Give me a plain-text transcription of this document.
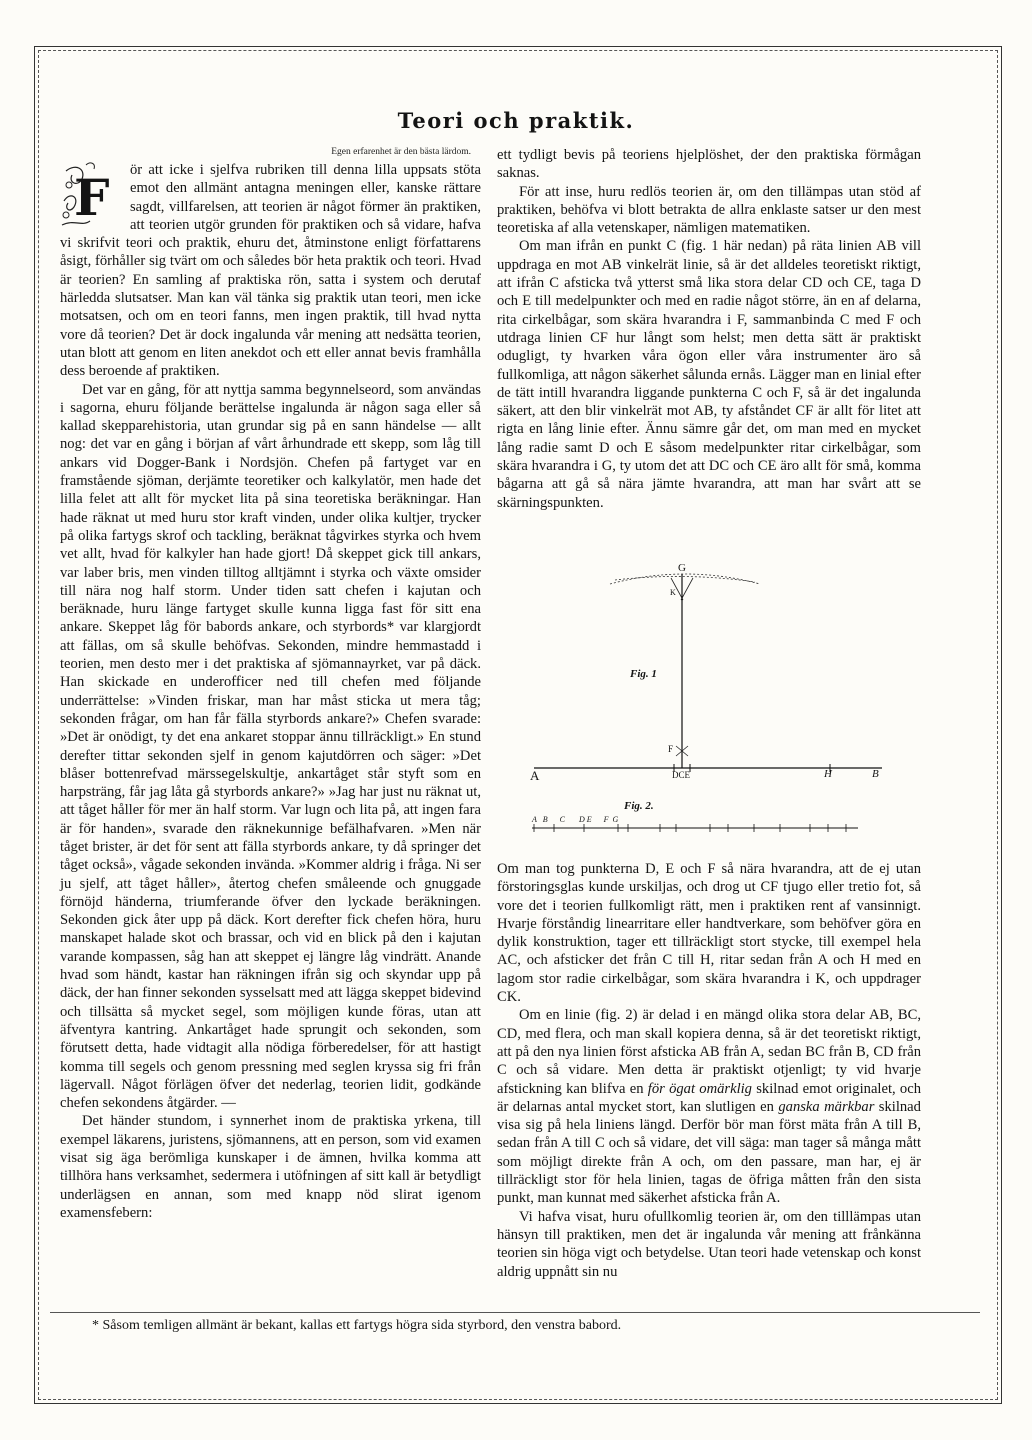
Teori och praktik.
Egen erfarenhet är den bästa lärdom.
F	ör att icke i sjelfva rubriken till denna lilla uppsats stöta emot den allmänt antagna meningen eller, kanske rättare sagdt, villfarelsen, att teorien är något förmer än praktiken, att teorien utgör grunden för praktiken och så vidare, hafva vi skrifvit teori och praktik, ehuru det, åtminstone enligt författarens åsigt, förhåller sig tvärt om och således bör heta praktik och teori. Hvad är teorien? En samling af praktiska rön, satta i system och derutaf härledda slutsatser. Man kan väl tänka sig praktik utan teori, men icke motsatsen, och om en teori fanns, men ingen praktik, till hvad nytta vore då teorien? Det är dock ingalunda vår mening att nedsätta teorien, utan blott att genom en liten anekdot och ett eller annat bevis framhålla dess beroende af praktiken.

Det var en gång, för att nyttja samma begynnelseord, som användas i sagorna, ehuru följande berättelse ingalunda är någon saga eller så kallad skepparehistoria, utan grundar sig på en sann händelse — allt nog: det var en gång i början af vårt århundrade ett skepp, som låg till ankars vid Dogger-Bank i Nordsjön. Chefen på fartyget var en framstående sjöman, derjämte teoretiker och kalkylatör, men hade det lilla felet att allt för mycket lita på sina teoretiska beräkningar. Han hade räknat ut med huru stor kraft vinden, under olika kultjer, trycker på olika fartygs skrof och tackling, beräknat tågvirkes styrka och hvem vet allt, hvad för kalkyler han hade gjort! Då skeppet gick till ankars, var laber bris, men vinden tilltog alltjämnt i styrka och växte omsider till nära nog half storm. Under tiden satt chefen i kajutan och beräknade, huru länge fartyget skulle kunna ligga fast för sitt ena ankare. Skeppet låg för babords ankare, och styrbords* var klargjordt att fällas, om så skulle behöfvas. Sekonden, mindre hemmastadd i teorien, men desto mer i det praktiska af sjömannayrket, var på däck. Han skickade en underofficer ned till chefen med följande underrättelse: »Vinden friskar, man har måst sticka ut mera tåg; sekonden frågar, om han får fälla styrbords ankare?» Chefen svarade: »Det är onödigt, ty det ena ankaret stoppar ännu tillräckligt.» En stund derefter tittar sekonden sjelf in genom kajutdörren och säger: »Det blåser bottenrefvad märssegelskultje, ankartåget står styft som en harpsträng, får jag låta gå styrbords ankare?» »Jag har just nu räknat ut, att tåget håller för mer än half storm. Var lugn och lita på, att ingen fara är för handen», svarade den räknekunnige befälhafvaren. »Men när tåget brister, är det för sent att fälla styrbords ankare, ty då springer det tåget också», vågade sekonden invända. »Kommer aldrig i fråga. Ni ser ju sjelf, att tåget håller», återtog chefen småleende och gnuggade förnöjd händerna, triumferande öfver den lyckade beräkningen. Sekonden gick åter upp på däck. Kort derefter fick chefen höra, huru manskapet halade skot och brassar, och vid en blick på den i kajutan varande kompassen, såg han att skeppet ej längre låg vindrätt. Anande hvad som händt, kastar han räkningen ifrån sig och skyndar upp på däck, der han finner sekonden sysselsatt med att lägga skeppet bidevind och tillsätta så mycket segel, som möjligen kunde föras, utan att äfventyra kantring. Ankartåget hade sprungit och sekonden, som förutsett detta, hade vidtagit alla nödiga förberedelser, för att hastigt komma till segels och genom pressning med seglen kryssa sig fri från lägervall. Något förlägen öfver det nederlag, teorien lidit, godkände chefen sekondens åtgärder. —

Det händer stundom, i synnerhet inom de praktiska yrkena, till exempel läkarens, juristens, sjömannens, att en person, som vid examen visat sig äga berömliga kunskaper i de ämnen, hvilka komma att tillhöra hans verksamhet, sedermera i utöfningen af sitt kall är betydligt underlägsen en annan, som med knapp nöd slirat igenom examensfebern:

ett tydligt bevis på teoriens hjelplöshet, der den praktiska förmågan saknas.

För att inse, huru redlös teorien är, om den tillämpas utan stöd af praktiken, behöfva vi blott betrakta de allra enklaste satser ur den mest teoretiska af alla vetenskaper, nämligen matematiken.

Om man ifrån en punkt C (fig. 1 här nedan) på räta linien AB vill uppdraga en mot AB vinkelrät linie, så är det alldeles teoretiskt riktigt, att ifrån C afsticka två ytterst små lika stora delar CD och CE, taga D och E till medelpunkter och med en radie något större, än en af delarna, rita cirkelbågar, som skära hvarandra i F, sammanbinda C med F och utdraga linien CF hur långt som helst; men detta sätt är praktiskt odugligt, ty hvarken våra ögon eller våra instrumenter äro så fullkomliga, att någon säkerhet sålunda ernås. Lägger man en linial efter de tätt intill hvarandra liggande punkterna C och F, så är det ingalunda säkert, att den blir vinkelrät mot AB, ty afståndet CF är allt för litet att rigta en lång linie efter. Ännu sämre går det, om man med en mycket lång radie samt D och E såsom medelpunkter ritar cirkelbågar, som skära hvarandra i G, ty utom det att DC och CE äro allt för små, komma bågarna att gå så nära jämte hvarandra, att man har svårt att se skärningspunkten.

G
K
Fig. 1
F
A	DCE	H	B
Fig. 2.
A   B      C       D E      F  G

Om man tog punkterna D, E och F så nära hvarandra, att de ej utan förstoringsglas kunde urskiljas, och drog ut CF tjugo eller tretio fot, så vore det i teorien fullkomligt rätt, men i praktiken rent af vansinnigt. Hvarje förståndig linearritare eller handtverkare, som behöfver göra en dylik konstruktion, tager ett tillräckligt stort stycke, till exempel hela AC, och afsticker det från C till H, ritar sedan från A och H med en lagom stor radie cirkelbågar, som skära hvarandra i K, och uppdrager CK.

Om en linie (fig. 2) är delad i en mängd olika stora delar AB, BC, CD, med flera, och man skall kopiera denna, så är det teoretiskt riktigt, att på den nya linien först afsticka AB från A, sedan BC från B, CD från C och så vidare. Men detta är praktiskt otjenligt; ty vid hvarje afstickning kan blifva en för ögat omärklig skilnad emot originalet, och är delarnas antal mycket stort, kan slutligen en ganska märkbar skilnad visa sig på hela liniens längd. Derför bör man först mäta från A till B, sedan från A till C och så vidare, det vill säga: man tager så många mått som möjligt direkte från A och, om den passare, man har, ej är tillräckligt stor för hela linien, tagas de öfriga måtten från den sista punkt, man kunnat med säkerhet afsticka från A.

Vi hafva visat, huru ofullkomlig teorien är, om den tilllämpas utan hänsyn till praktiken, men det är ingalunda vår mening att frånkänna teorien sin höga vigt och betydelse. Utan teori hade vetenskap och konst aldrig uppnått sin nu

* Såsom temligen allmänt är bekant, kallas ett fartygs högra sida styrbord, den venstra babord.
